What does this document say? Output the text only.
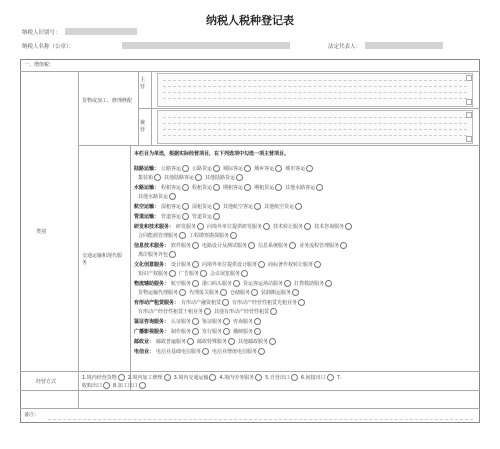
纳税人税种登记表
纳税人识别号：
纳税人名称（公章）：	法定代表人：
一、增值税：
类别
货物或加工、修理修配
主营
兼营
交通运输和现代服务
本栏目为单选，根据实际经营项目，在下列选项中勾选一项主营项目。
陆路运输： 公路客运 公路货运 城际客运 城乡客运 城市客运
集装箱 其他陆路客运 其他陆路货运
水路运输： 程租客运 程租货运 期租客运 期租货运 其他水路客运
其他水路货运
航空运输： 湿租客运 湿租货运 其他航空客运 其他航空货运
管道运输： 管道客运 管道货运
研发和技术服务： 研发服务 向境外单位提供研发服务 技术转让服务 技术咨询服务
合同能源管理服务 工程勘察勘探服务
信息技术服务： 软件服务 电路设计及测试服务 信息系统服务 业务流程管理服务
离岸服务外包
文化创意服务： 设计服务 向境外单位提供设计服务 商标著作权转让服务
知识产权服务 广告服务 会议展览服务
物流辅助服务： 航空服务 港口码头服务 货运客运场站服务 打捞救助服务
货物运输代理服务 代理报关服务 仓储服务 装卸搬运服务
有形动产租赁服务： 有形动产融资租赁 有形动产经营性租赁光租业务
有形动产经营性租赁干租业务 其他有形动产经营性租赁
鉴证咨询服务： 认证服务 鉴证服务 咨询服务
广播影视服务： 制作服务 发行服务 播映服务
邮政业： 邮政普遍服务 邮政特殊服务 其他邮政服务
电信业： 电信业基础电信服务 电信业增值电信服务
经营方式
1.境内经营货物 2.境内加工修理 3.境内交通运输 4.境内劳务服务 5.自营出口 6.间接出口 7.
收购出口 8.加工出口
备注：
